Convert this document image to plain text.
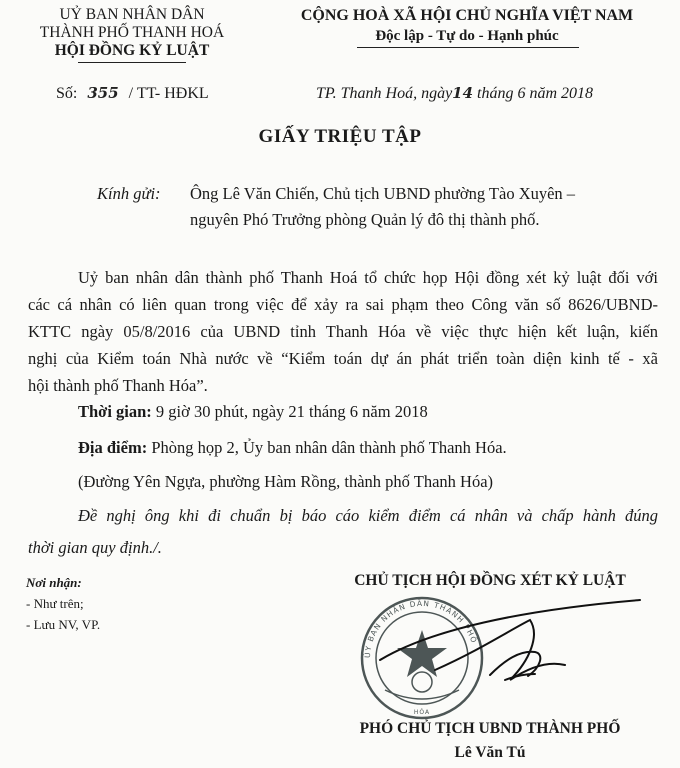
UỶ BAN NHÂN DÂN
THÀNH PHỐ THANH HOÁ
HỘI ĐỒNG KỶ LUẬT
CỘNG HOÀ XÃ HỘI CHỦ NGHĨA VIỆT NAM
Độc lập - Tự do - Hạnh phúc
Số: 355 / TT- HĐKL	TP. Thanh Hoá, ngày14 tháng 6 năm 2018
GIẤY TRIỆU TẬP
Kính gửi: Ông Lê Văn Chiến, Chủ tịch UBND phường Tào Xuyên –
nguyên Phó Trưởng phòng Quản lý đô thị thành phố.
Uỷ ban nhân dân thành phố Thanh Hoá tổ chức họp Hội đồng xét kỷ luật đối với
các cá nhân có liên quan trong việc để xảy ra sai phạm theo Công văn số 8626/UBND-
KTTC ngày 05/8/2016 của UBND tỉnh Thanh Hóa về việc thực hiện kết luận, kiến
nghị của Kiểm toán Nhà nước về “Kiểm toán dự án phát triển toàn diện kinh tế - xã
hội thành phố Thanh Hóa”.
Thời gian: 9 giờ 30 phút, ngày 21 tháng 6 năm 2018
Địa điểm: Phòng họp 2, Ủy ban nhân dân thành phố Thanh Hóa.
(Đường Yên Ngựa, phường Hàm Rồng, thành phố Thanh Hóa)
Đề nghị ông khi đi chuẩn bị báo cáo kiểm điểm cá nhân và chấp hành đúng
thời gian quy định./.
Nơi nhận:
- Như trên;
- Lưu NV, VP.
CHỦ TỊCH HỘI ĐỒNG XÉT KỶ LUẬT
ỦY BAN NHÂN DÂN THÀNH PHỐ
HÓA
PHÓ CHỦ TỊCH UBND THÀNH PHỐ
Lê Văn Tú
